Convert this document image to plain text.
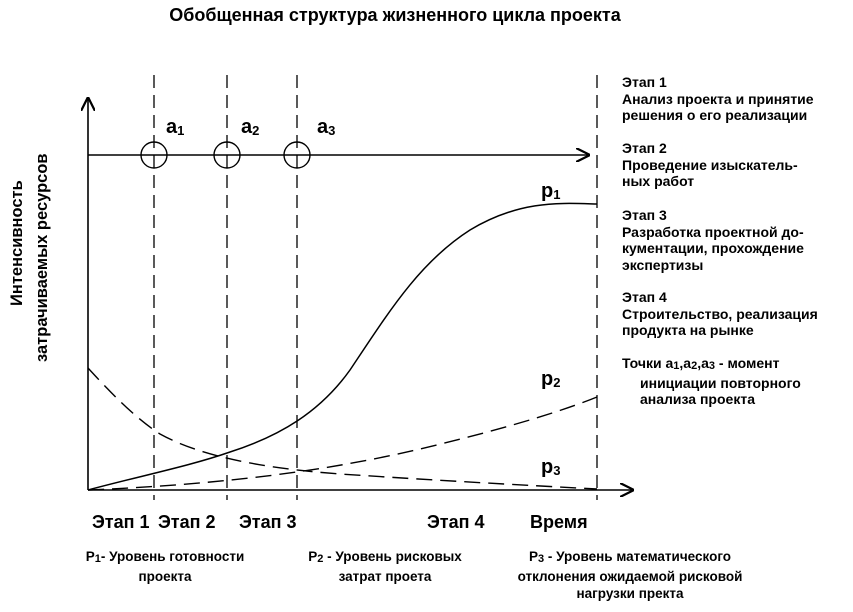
Обобщенная структура жизненного цикла проекта
Интенсивность затрачиваемых ресурсов
a1	a2	a3
p1
p2
p3
Этап 1 Этап 2 Этап 3	Этап 4	Время
Этап 1
Анализ проекта и принятие
решения о его реализации
Этап 2
Проведение изыскатель-
ных работ
Этап 3
Разработка проектной до-
кументации, прохождение
экспертизы
Этап 4
Строительство, реализация
продукта на рынке
Точки а1,а2,а3 - момент
инициации повторного
анализа проекта
Р1- Уровень готовности
проекта
Р2 - Уровень рисковых
затрат проета
Р3 - Уровень математического
отклонения ожидаемой рисковой
нагрузки пректа
